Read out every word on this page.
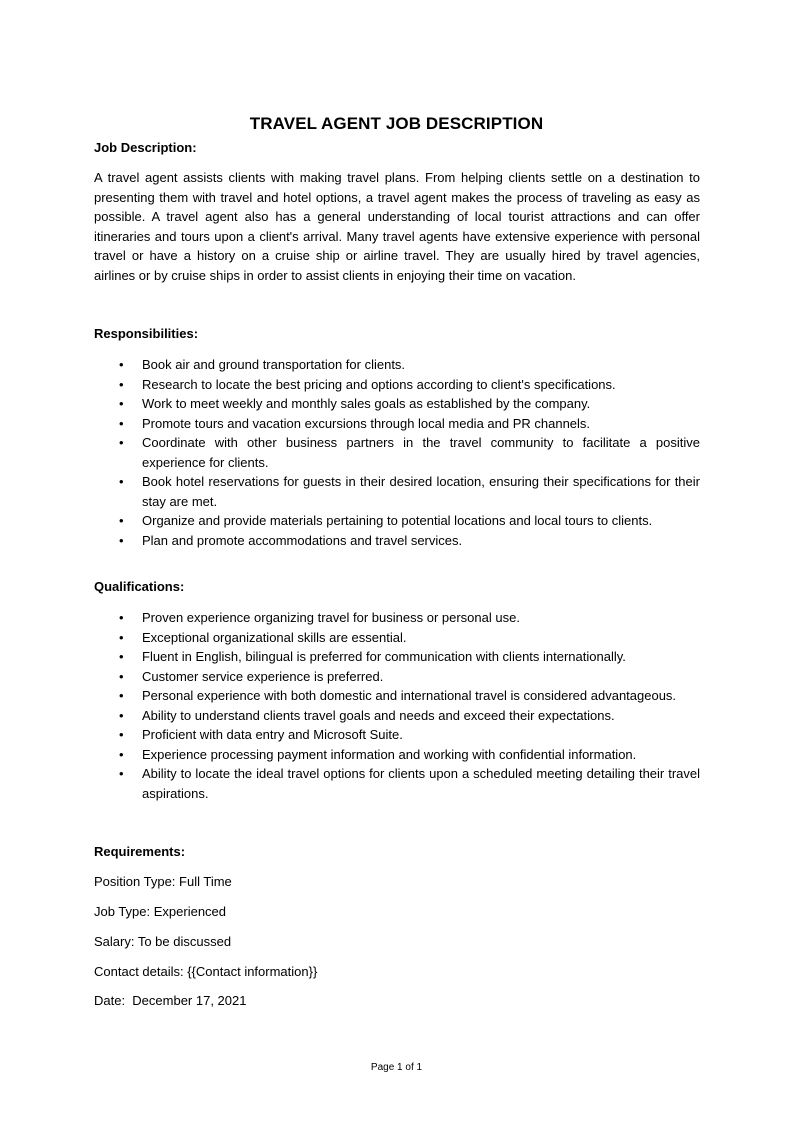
TRAVEL AGENT JOB DESCRIPTION
Job Description:

A travel agent assists clients with making travel plans. From helping clients settle on a destination to presenting them with travel and hotel options, a travel agent makes the process of traveling as easy as possible. A travel agent also has a general understanding of local tourist attractions and can offer itineraries and tours upon a client's arrival. Many travel agents have extensive experience with personal travel or have a history on a cruise ship or airline travel. They are usually hired by travel agencies, airlines or by cruise ships in order to assist clients in enjoying their time on vacation.

Responsibilities:
• Book air and ground transportation for clients.
• Research to locate the best pricing and options according to client's specifications.
• Work to meet weekly and monthly sales goals as established by the company.
• Promote tours and vacation excursions through local media and PR channels.
• Coordinate with other business partners in the travel community to facilitate a positive experience for clients.
• Book hotel reservations for guests in their desired location, ensuring their specifications for their stay are met.
• Organize and provide materials pertaining to potential locations and local tours to clients.
• Plan and promote accommodations and travel services.
Qualifications:
• Proven experience organizing travel for business or personal use.
• Exceptional organizational skills are essential.
• Fluent in English, bilingual is preferred for communication with clients internationally.
• Customer service experience is preferred.
• Personal experience with both domestic and international travel is considered advantageous.
• Ability to understand clients travel goals and needs and exceed their expectations.
• Proficient with data entry and Microsoft Suite.
• Experience processing payment information and working with confidential information.
• Ability to locate the ideal travel options for clients upon a scheduled meeting detailing their travel aspirations.
Requirements:
Position Type: Full Time
Job Type: Experienced
Salary: To be discussed
Contact details: {{Contact information}}
Date:  December 17, 2021
Page 1 of 1
